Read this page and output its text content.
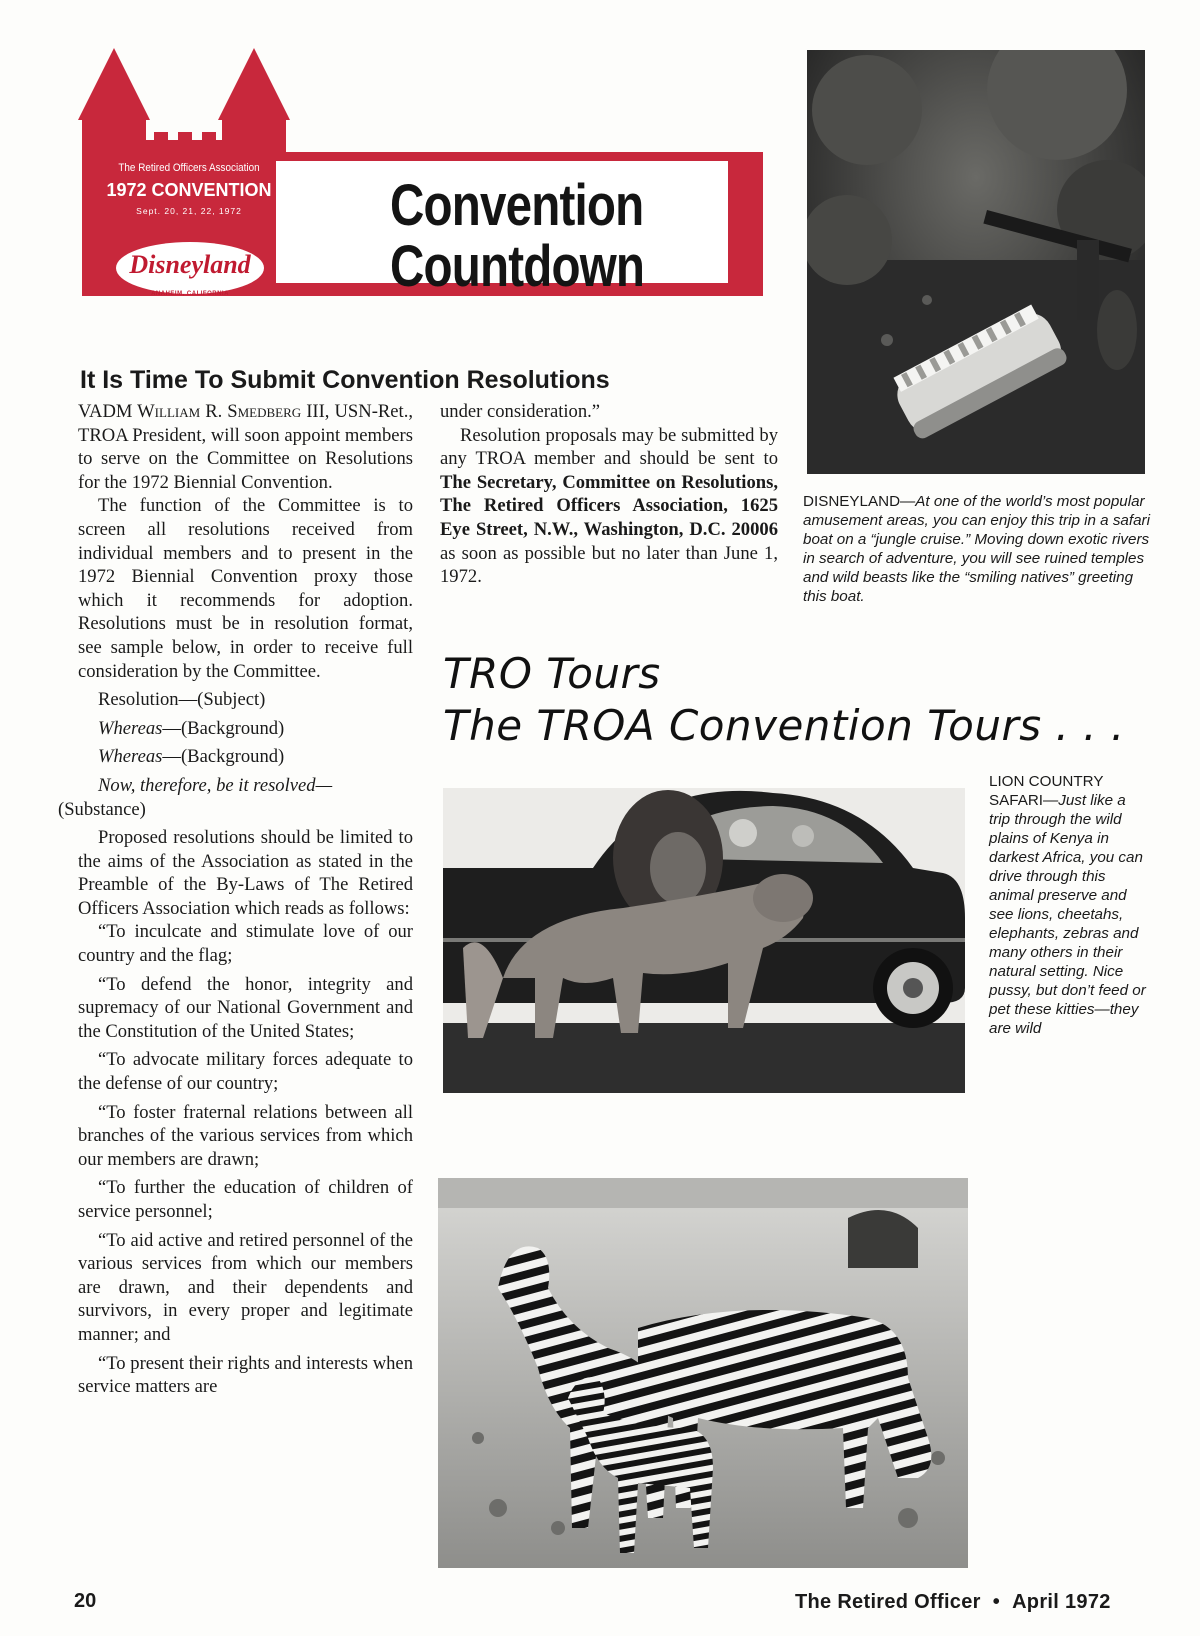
The Retired Officers Association
1972 CONVENTION
Sept. 20, 21, 22, 1972
Disneyland
ANAHEIM, CALIFORNIA
Convention
Countdown
DISNEYLAND—At one of the world’s most popular amusement areas, you can enjoy this trip in a safari boat on a “jungle cruise.” Moving down exotic rivers in search of adventure, you will see ruined temples and wild beasts like the “smiling natives” greeting this boat.
It Is Time To Submit Convention Resolutions

VADM William R. Smedberg III, USN-Ret., TROA President, will soon appoint members to serve on the Committee on Resolutions for the 1972 Biennial Convention.

The function of the Committee is to screen all resolutions received from individual members and to present in the 1972 Biennial Convention proxy those which it recommends for adoption. Resolutions must be in resolution format, see sample below, in order to receive full consideration by the Committee.

Resolution—(Subject)

Whereas—(Background)

Whereas—(Background)

Now, therefore, be it resolved—
(Substance)

Proposed resolutions should be limited to the aims of the Association as stated in the Preamble of the By-Laws of The Retired Officers Association which reads as follows:

“To inculcate and stimulate love of our country and the flag;

“To defend the honor, integrity and supremacy of our National Government and the Constitution of the United States;

“To advocate military forces adequate to the defense of our country;

“To foster fraternal relations between all branches of the various services from which our members are drawn;

“To further the education of children of service personnel;

“To aid active and retired personnel of the various services from which our members are drawn, and their dependents and survivors, in every proper and legitimate manner; and

“To present their rights and interests when service matters are

under consideration.”

Resolution proposals may be submitted by any TROA member and should be sent to The Secretary, Committee on Resolutions, The Retired Officers Association, 1625 Eye Street, N.W., Washington, D.C. 20006 as soon as possible but no later than June 1, 1972.

TRO Tours
The TROA Convention Tours . . .
LION COUNTRY SAFARI—Just like a trip through the wild plains of Kenya in darkest Africa, you can drive through this animal preserve and see lions, cheetahs, elephants, zebras and many others in their natural setting. Nice pussy, but don’t feed or pet these kitties—they are wild
20	The Retired Officer • April 1972
